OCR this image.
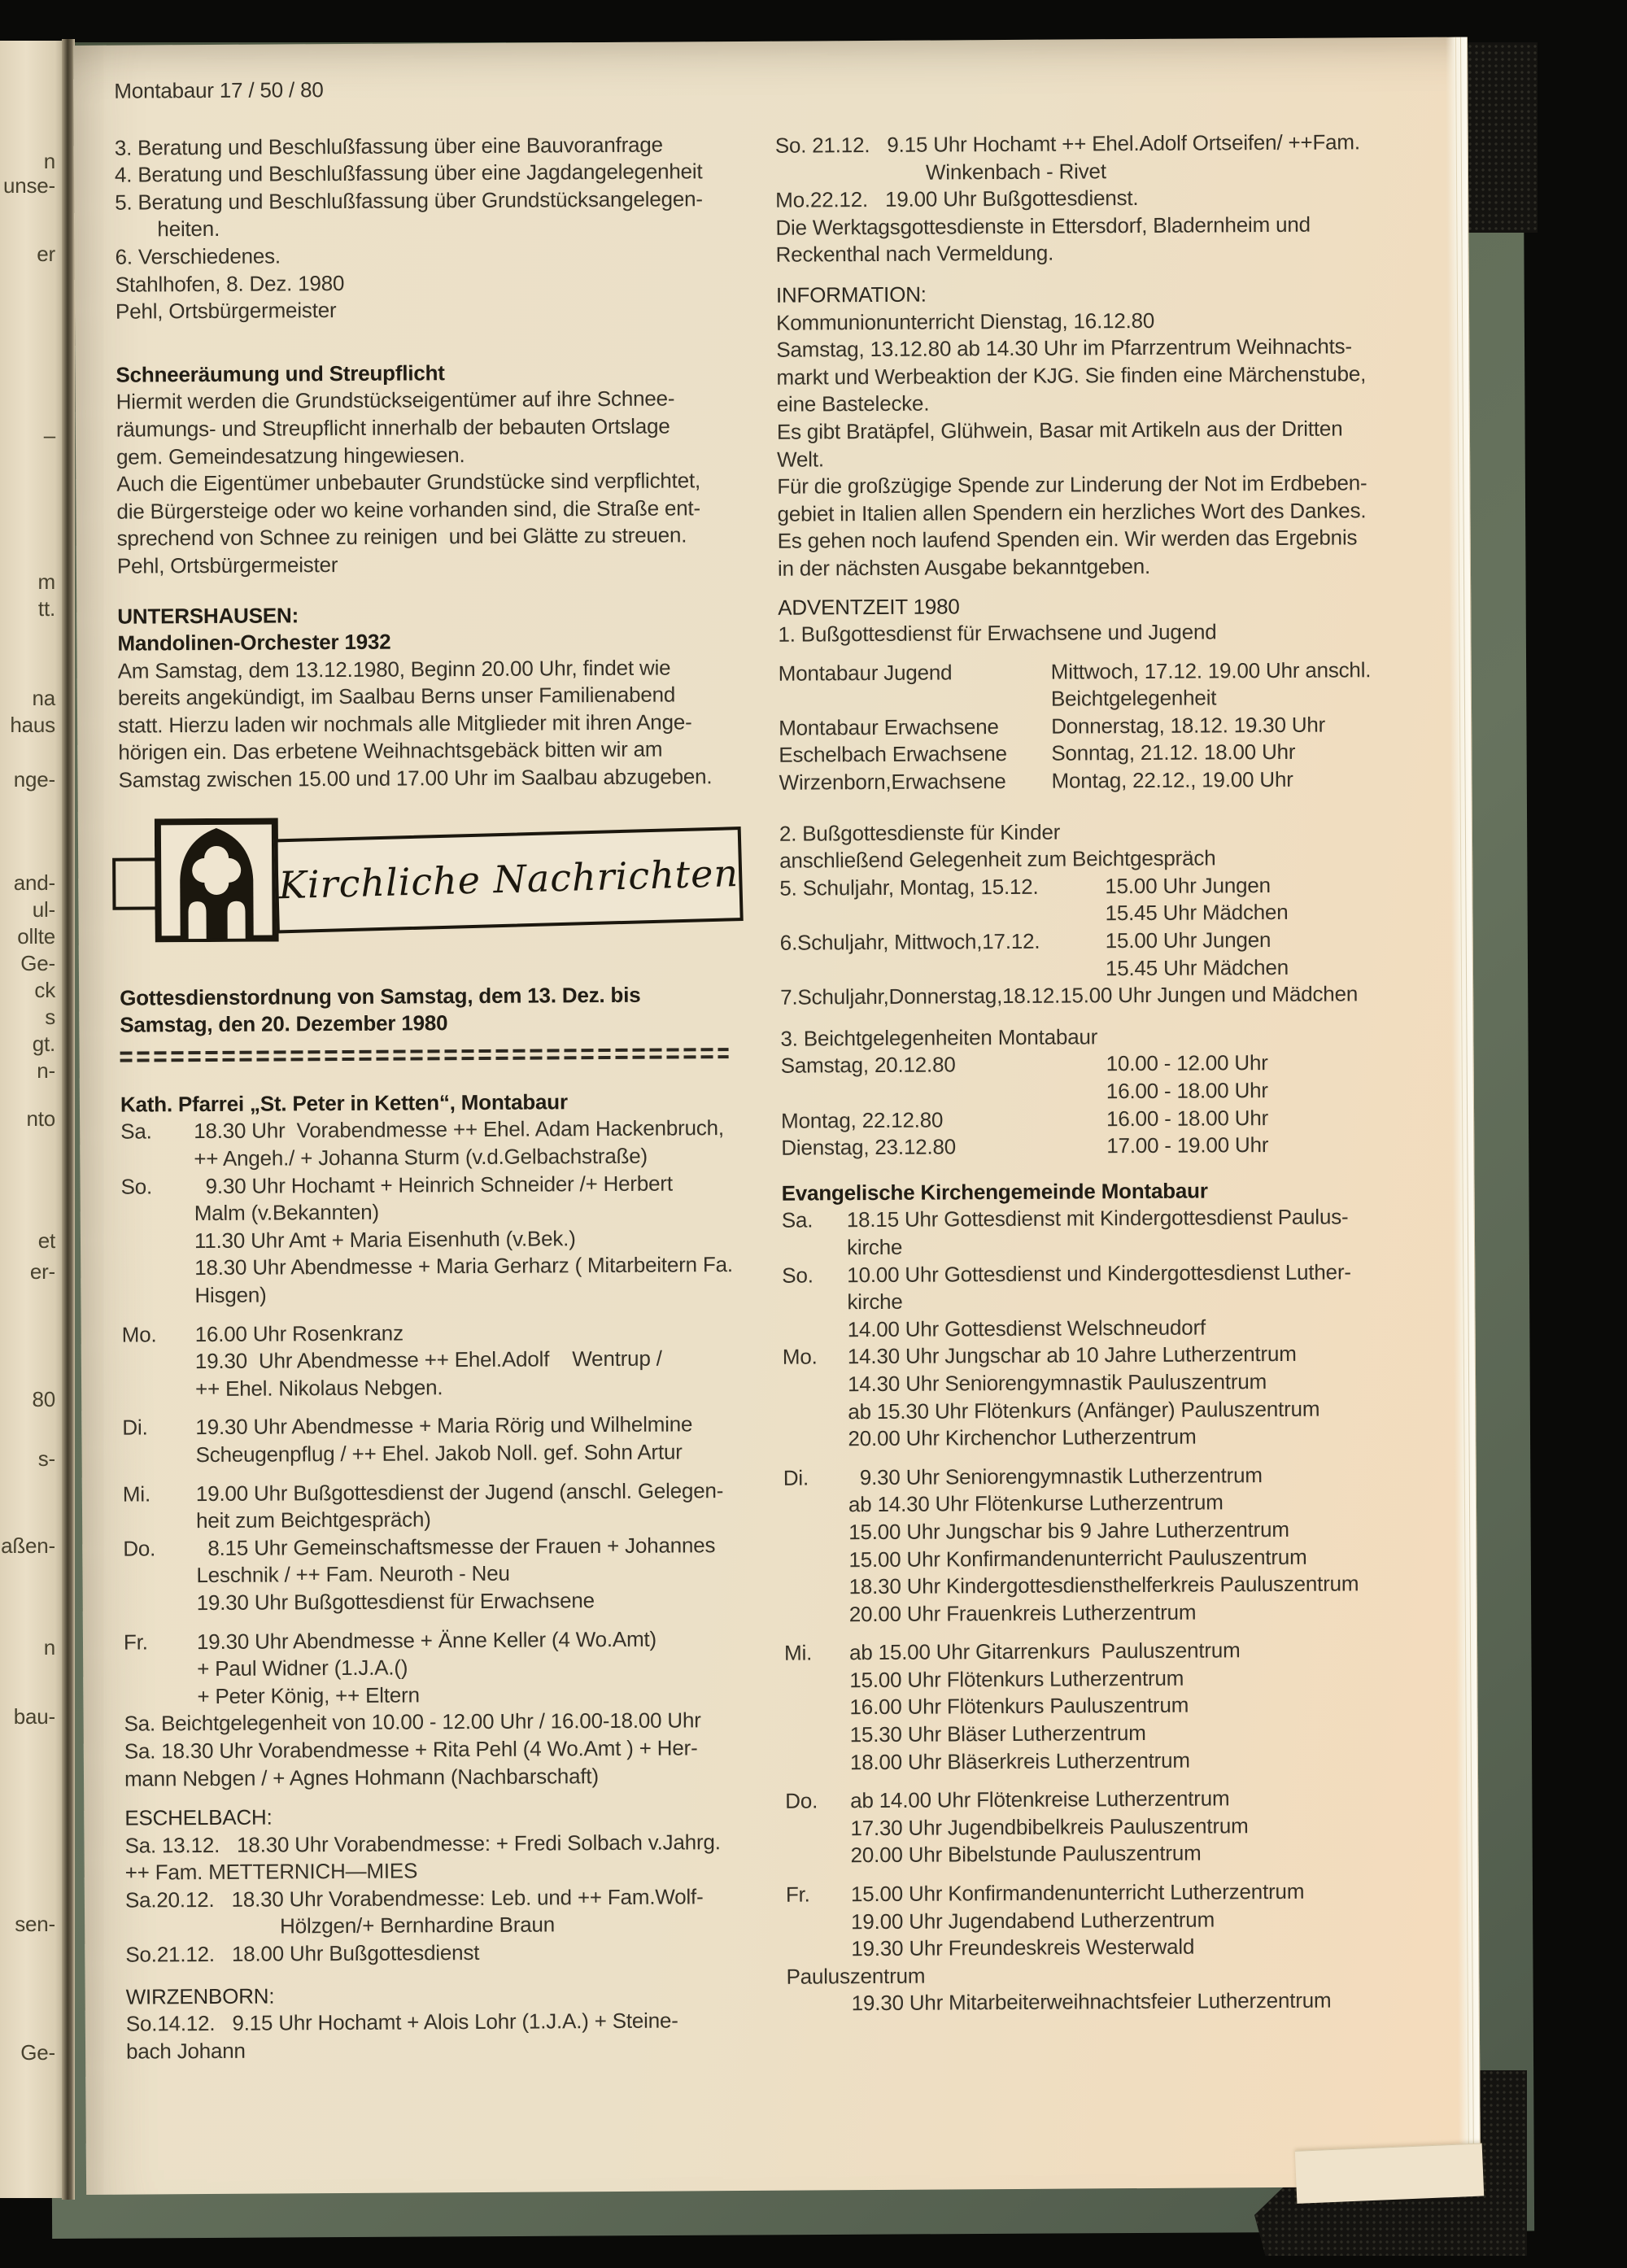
n
unse-
er
–
m
tt.
na
haus
nge-
and-
ul-
ollte
Ge-
ck
s
gt.
n-
nto
et
er-
80
s-
aßen-
n
bau-
sen-
Ge-
Montabaur 17 / 50 / 80
3. Beratung und Beschlußfassung über eine Bauvoranfrage
4. Beratung und Beschlußfassung über eine Jagdangelegenheit
5. Beratung und Beschlußfassung über Grundstücksangelegen-
heiten.
6. Verschiedenes.
Stahlhofen, 8. Dez. 1980
Pehl, Ortsbürgermeister
Schneeräumung und Streupflicht
Hiermit werden die Grundstückseigentümer auf ihre Schnee-
räumungs- und Streupflicht innerhalb der bebauten Ortslage
gem. Gemeindesatzung hingewiesen.
Auch die Eigentümer unbebauter Grundstücke sind verpflichtet,
die Bürgersteige oder wo keine vorhanden sind, die Straße ent-
sprechend von Schnee zu reinigen  und bei Glätte zu streuen.
Pehl, Ortsbürgermeister
UNTERSHAUSEN:
Mandolinen-Orchester 1932
Am Samstag, dem 13.12.1980, Beginn 20.00 Uhr, findet wie
bereits angekündigt, im Saalbau Berns unser Familienabend
statt. Hierzu laden wir nochmals alle Mitglieder mit ihren Ange-
hörigen ein. Das erbetene Weihnachtsgebäck bitten wir am
Samstag zwischen 15.00 und 17.00 Uhr im Saalbau abzugeben.
Kirchliche Nachrichten
Gottesdienstordnung von Samstag, dem 13. Dez. bis
Samstag, den 20. Dezember 1980
Kath. Pfarrei „St. Peter in Ketten“, Montabaur
Sa.	18.30 Uhr  Vorabendmesse ++ Ehel. Adam Hackenbruch,
++ Angeh./ + Johanna Sturm (v.d.Gelbachstraße)
So.	9.30 Uhr Hochamt + Heinrich Schneider /+ Herbert
Malm (v.Bekannten)
11.30 Uhr Amt + Maria Eisenhuth (v.Bek.)
18.30 Uhr Abendmesse + Maria Gerharz ( Mitarbeitern Fa.
Hisgen)
Mo.	16.00 Uhr Rosenkranz
19.30  Uhr Abendmesse ++ Ehel.Adolf    Wentrup /
++ Ehel. Nikolaus Nebgen.
Di.	19.30 Uhr Abendmesse + Maria Rörig und Wilhelmine
Scheugenpflug / ++ Ehel. Jakob Noll. gef. Sohn Artur
Mi.	19.00 Uhr Bußgottesdienst der Jugend (anschl. Gelegen-
heit zum Beichtgespräch)
Do.	8.15 Uhr Gemeinschaftsmesse der Frauen + Johannes
Leschnik / ++ Fam. Neuroth - Neu
19.30 Uhr Bußgottesdienst für Erwachsene
Fr.	19.30 Uhr Abendmesse + Änne Keller (4 Wo.Amt)
+ Paul Widner (1.J.A.()
+ Peter König, ++ Eltern
Sa. Beichtgelegenheit von 10.00 - 12.00 Uhr / 16.00-18.00 Uhr
Sa. 18.30 Uhr Vorabendmesse + Rita Pehl (4 Wo.Amt ) + Her-
mann Nebgen / + Agnes Hohmann (Nachbarschaft)
ESCHELBACH:
Sa. 13.12.   18.30 Uhr Vorabendmesse: + Fredi Solbach v.Jahrg.
++ Fam. METTERNICH—MIES
Sa.20.12.   18.30 Uhr Vorabendmesse: Leb. und ++ Fam.Wolf-
Hölzgen/+ Bernhardine Braun
So.21.12.   18.00 Uhr Bußgottesdienst
WIRZENBORN:
So.14.12.   9.15 Uhr Hochamt + Alois Lohr (1.J.A.) + Steine-
bach Johann
So. 21.12.   9.15 Uhr Hochamt ++ Ehel.Adolf Ortseifen/ ++Fam.
Winkenbach - Rivet
Mo.22.12.   19.00 Uhr Bußgottesdienst.
Die Werktagsgottesdienste in Ettersdorf, Bladernheim und
Reckenthal nach Vermeldung.
INFORMATION:
Kommunionunterricht Dienstag, 16.12.80
Samstag, 13.12.80 ab 14.30 Uhr im Pfarrzentrum Weihnachts-
markt und Werbeaktion der KJG. Sie finden eine Märchenstube,
eine Bastelecke.
Es gibt Bratäpfel, Glühwein, Basar mit Artikeln aus der Dritten
Welt.
Für die großzügige Spende zur Linderung der Not im Erdbeben-
gebiet in Italien allen Spendern ein herzliches Wort des Dankes.
Es gehen noch laufend Spenden ein. Wir werden das Ergebnis
in der nächsten Ausgabe bekanntgeben.
ADVENTZEIT 1980
1. Bußgottesdienst für Erwachsene und Jugend
Montabaur Jugend	Mittwoch, 17.12. 19.00 Uhr anschl.
Beichtgelegenheit
Montabaur Erwachsene	Donnerstag, 18.12. 19.30 Uhr
Eschelbach Erwachsene	Sonntag, 21.12. 18.00 Uhr
Wirzenborn,Erwachsene	Montag, 22.12., 19.00 Uhr
2. Bußgottesdienste für Kinder
anschließend Gelegenheit zum Beichtgespräch
5. Schuljahr, Montag, 15.12.	15.00 Uhr Jungen
15.45 Uhr Mädchen
6.Schuljahr, Mittwoch,17.12.	15.00 Uhr Jungen
15.45 Uhr Mädchen
7.Schuljahr,Donnerstag,18.12.15.00 Uhr Jungen und Mädchen
3. Beichtgelegenheiten Montabaur
Samstag, 20.12.80	10.00 - 12.00 Uhr
16.00 - 18.00 Uhr
Montag, 22.12.80	16.00 - 18.00 Uhr
Dienstag, 23.12.80	17.00 - 19.00 Uhr
Evangelische Kirchengemeinde Montabaur
Sa.	18.15 Uhr Gottesdienst mit Kindergottesdienst Paulus-
kirche
So.	10.00 Uhr Gottesdienst und Kindergottesdienst Luther-
kirche
14.00 Uhr Gottesdienst Welschneudorf
Mo.	14.30 Uhr Jungschar ab 10 Jahre Lutherzentrum
14.30 Uhr Seniorengymnastik Pauluszentrum
ab 15.30 Uhr Flötenkurs (Anfänger) Pauluszentrum
20.00 Uhr Kirchenchor Lutherzentrum
Di.	9.30 Uhr Seniorengymnastik Lutherzentrum
ab 14.30 Uhr Flötenkurse Lutherzentrum
15.00 Uhr Jungschar bis 9 Jahre Lutherzentrum
15.00 Uhr Konfirmandenunterricht Pauluszentrum
18.30 Uhr Kindergottesdiensthelferkreis Pauluszentrum
20.00 Uhr Frauenkreis Lutherzentrum
Mi.	ab 15.00 Uhr Gitarrenkurs  Pauluszentrum
15.00 Uhr Flötenkurs Lutherzentrum
16.00 Uhr Flötenkurs Pauluszentrum
15.30 Uhr Bläser Lutherzentrum
18.00 Uhr Bläserkreis Lutherzentrum
Do.	ab 14.00 Uhr Flötenkreise Lutherzentrum
17.30 Uhr Jugendbibelkreis Pauluszentrum
20.00 Uhr Bibelstunde Pauluszentrum
Fr.	15.00 Uhr Konfirmandenunterricht Lutherzentrum
19.00 Uhr Jugendabend Lutherzentrum
19.30 Uhr Freundeskreis Westerwald
Pauluszentrum
19.30 Uhr Mitarbeiterweihnachtsfeier Lutherzentrum
